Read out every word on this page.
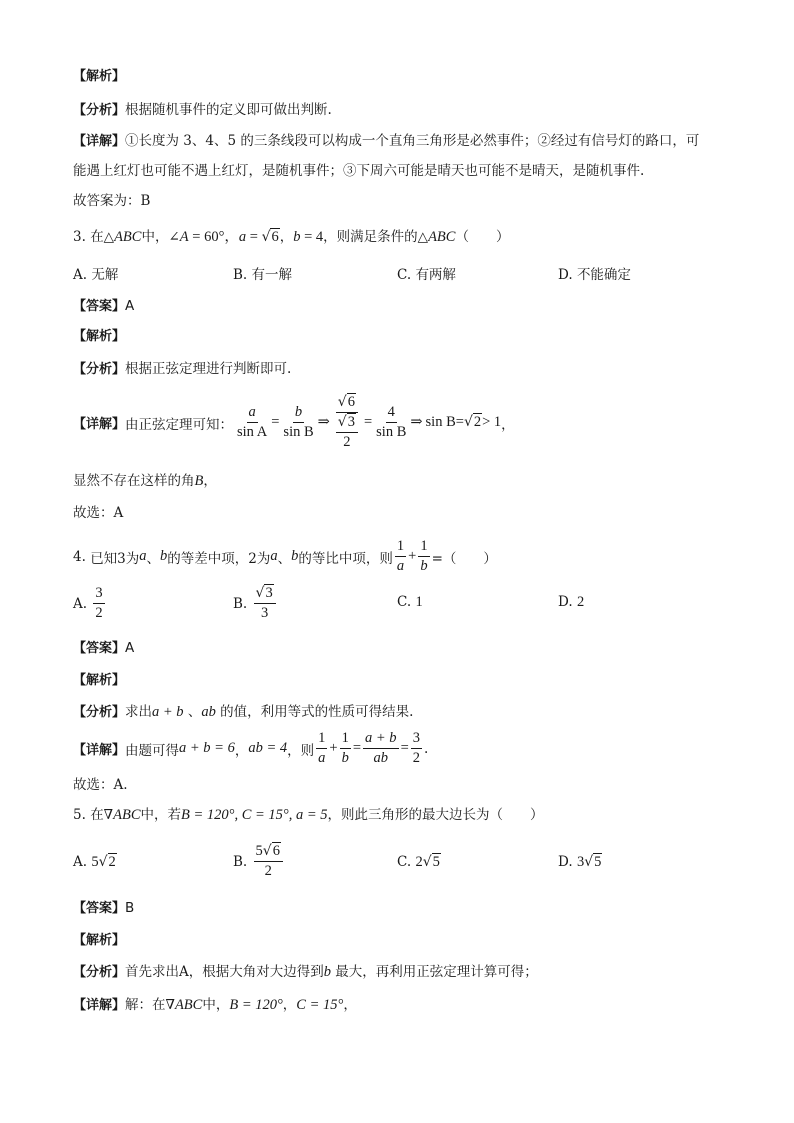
【解析】
【分析】根据随机事件的定义即可做出判断.
【详解】①长度为 3、4、5 的三条线段可以构成一个直角三角形是必然事件；②经过有信号灯的路口，可
能遇上红灯也可能不遇上红灯，是随机事件；③下周六可能是晴天也可能不是晴天，是随机事件.
故答案为：B
3. 在△ABC中，∠A = 60°，a = √6，b = 4，则满足条件的△ABC（　　）
A. 无解	B. 有一解	C. 有两解	D. 不能确定
【答案】A
【解析】
【分析】根据正弦定理进行判断即可.
【详解】 由正弦定理可知： $\frac{a}{\text{sin A}} = \frac{b}{\text{sin B}}$ ⇒ $\frac{√6}{\frac{√3}{2}} = \frac{4}{\text{sin B}}$ ⇒ sin B = √2 > 1 ，
显然不存在这样的角B，
故选：A
4.
已知3为 a 、 b 的等差中项，2为 a 、 b 的等比中项，则 $\frac{1}{a} + \frac{1}{b}$ =（　　）
A.
$\frac{3}{2}$	B.
$\frac{√3}{3}$	C. 1	D. 2
【答案】A
【解析】
【分析】求出a + b 、ab 的值，利用等式的性质可得结果.
【详解】 由题可得 a + b = 6 ， ab = 4 ，则 $\frac{1}{a} + \frac{1}{b} = \frac{a + b}{ab} = \frac{3}{2}$ .
故选：A.
5. 在∇ABC中，若B = 120°, C = 15°, a = 5，则此三角形的最大边长为（　　）
A. 5√2	B.
$\frac{5√6}{2}$	C. 2√5	D. 3√5
【答案】B
【解析】
【分析】首先求出A，根据大角对大边得到b 最大，再利用正弦定理计算可得；
【详解】解：在∇ABC中，B = 120°，C = 15°，
